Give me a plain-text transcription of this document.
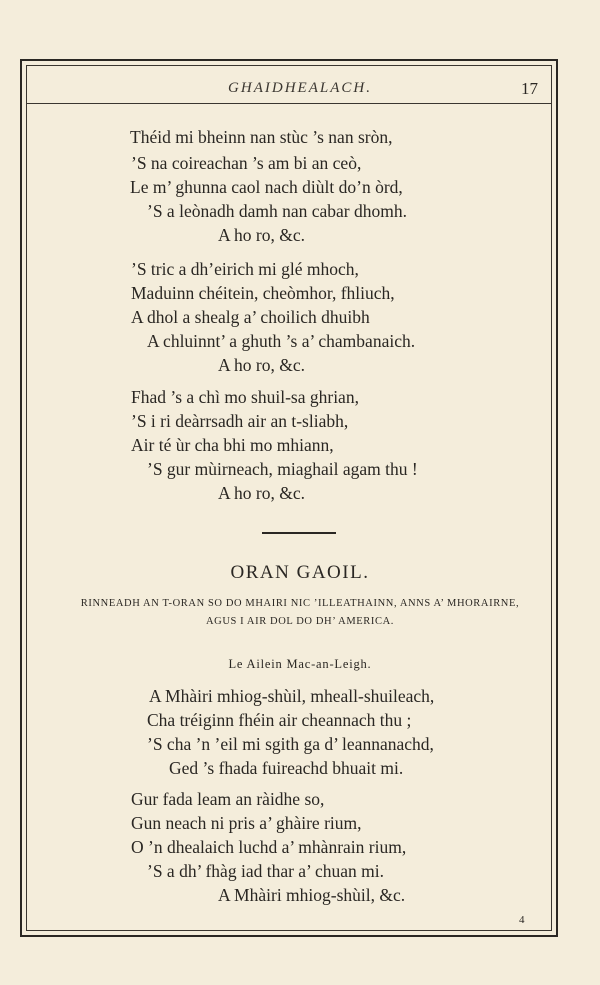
GHAIDHEALACH.	17
Théid mi bheinn nan stùc ’s nan sròn,
’S na coireachan ’s am bi an ceò,
Le m’ ghunna caol nach diùlt do’n òrd,
’S a leònadh damh nan cabar dhomh.
A ho ro, &c.
’S tric a dh’eirich mi glé mhoch,
Maduinn chéitein, cheòmhor, fhliuch,
A dhol a shealg a’ choilich dhuibh
A chluinnt’ a ghuth ’s a’ chambanaich.
A ho ro, &c.
Fhad ’s a chì mo shuil-sa ghrian,
’S i ri deàrrsadh air an t-sliabh,
Air té ùr cha bhi mo mhiann,
’S gur mùirneach, miaghail agam thu !
A ho ro, &c.
ORAN GAOIL.
RINNEADH AN T-ORAN SO DO MHAIRI NIC ’ILLEATHAINN, ANNS A’ MHORAIRNE,
AGUS I AIR DOL DO DH’ AMERICA.
Le Ailein Mac-an-Leigh.
A Mhàiri mhiog-shùil, mheall-shuileach,
Cha tréiginn fhéin air cheannach thu ;
’S cha ’n ’eil mi sgith ga d’ leannanachd,
Ged ’s fhada fuireachd bhuait mi.
Gur fada leam an ràidhe so,
Gun neach ni pris a’ ghàire rium,
O ’n dhealaich luchd a’ mhànrain rium,
’S a dh’ fhàg iad thar a’ chuan mi.
A Mhàiri mhiog-shùil, &c.
4
